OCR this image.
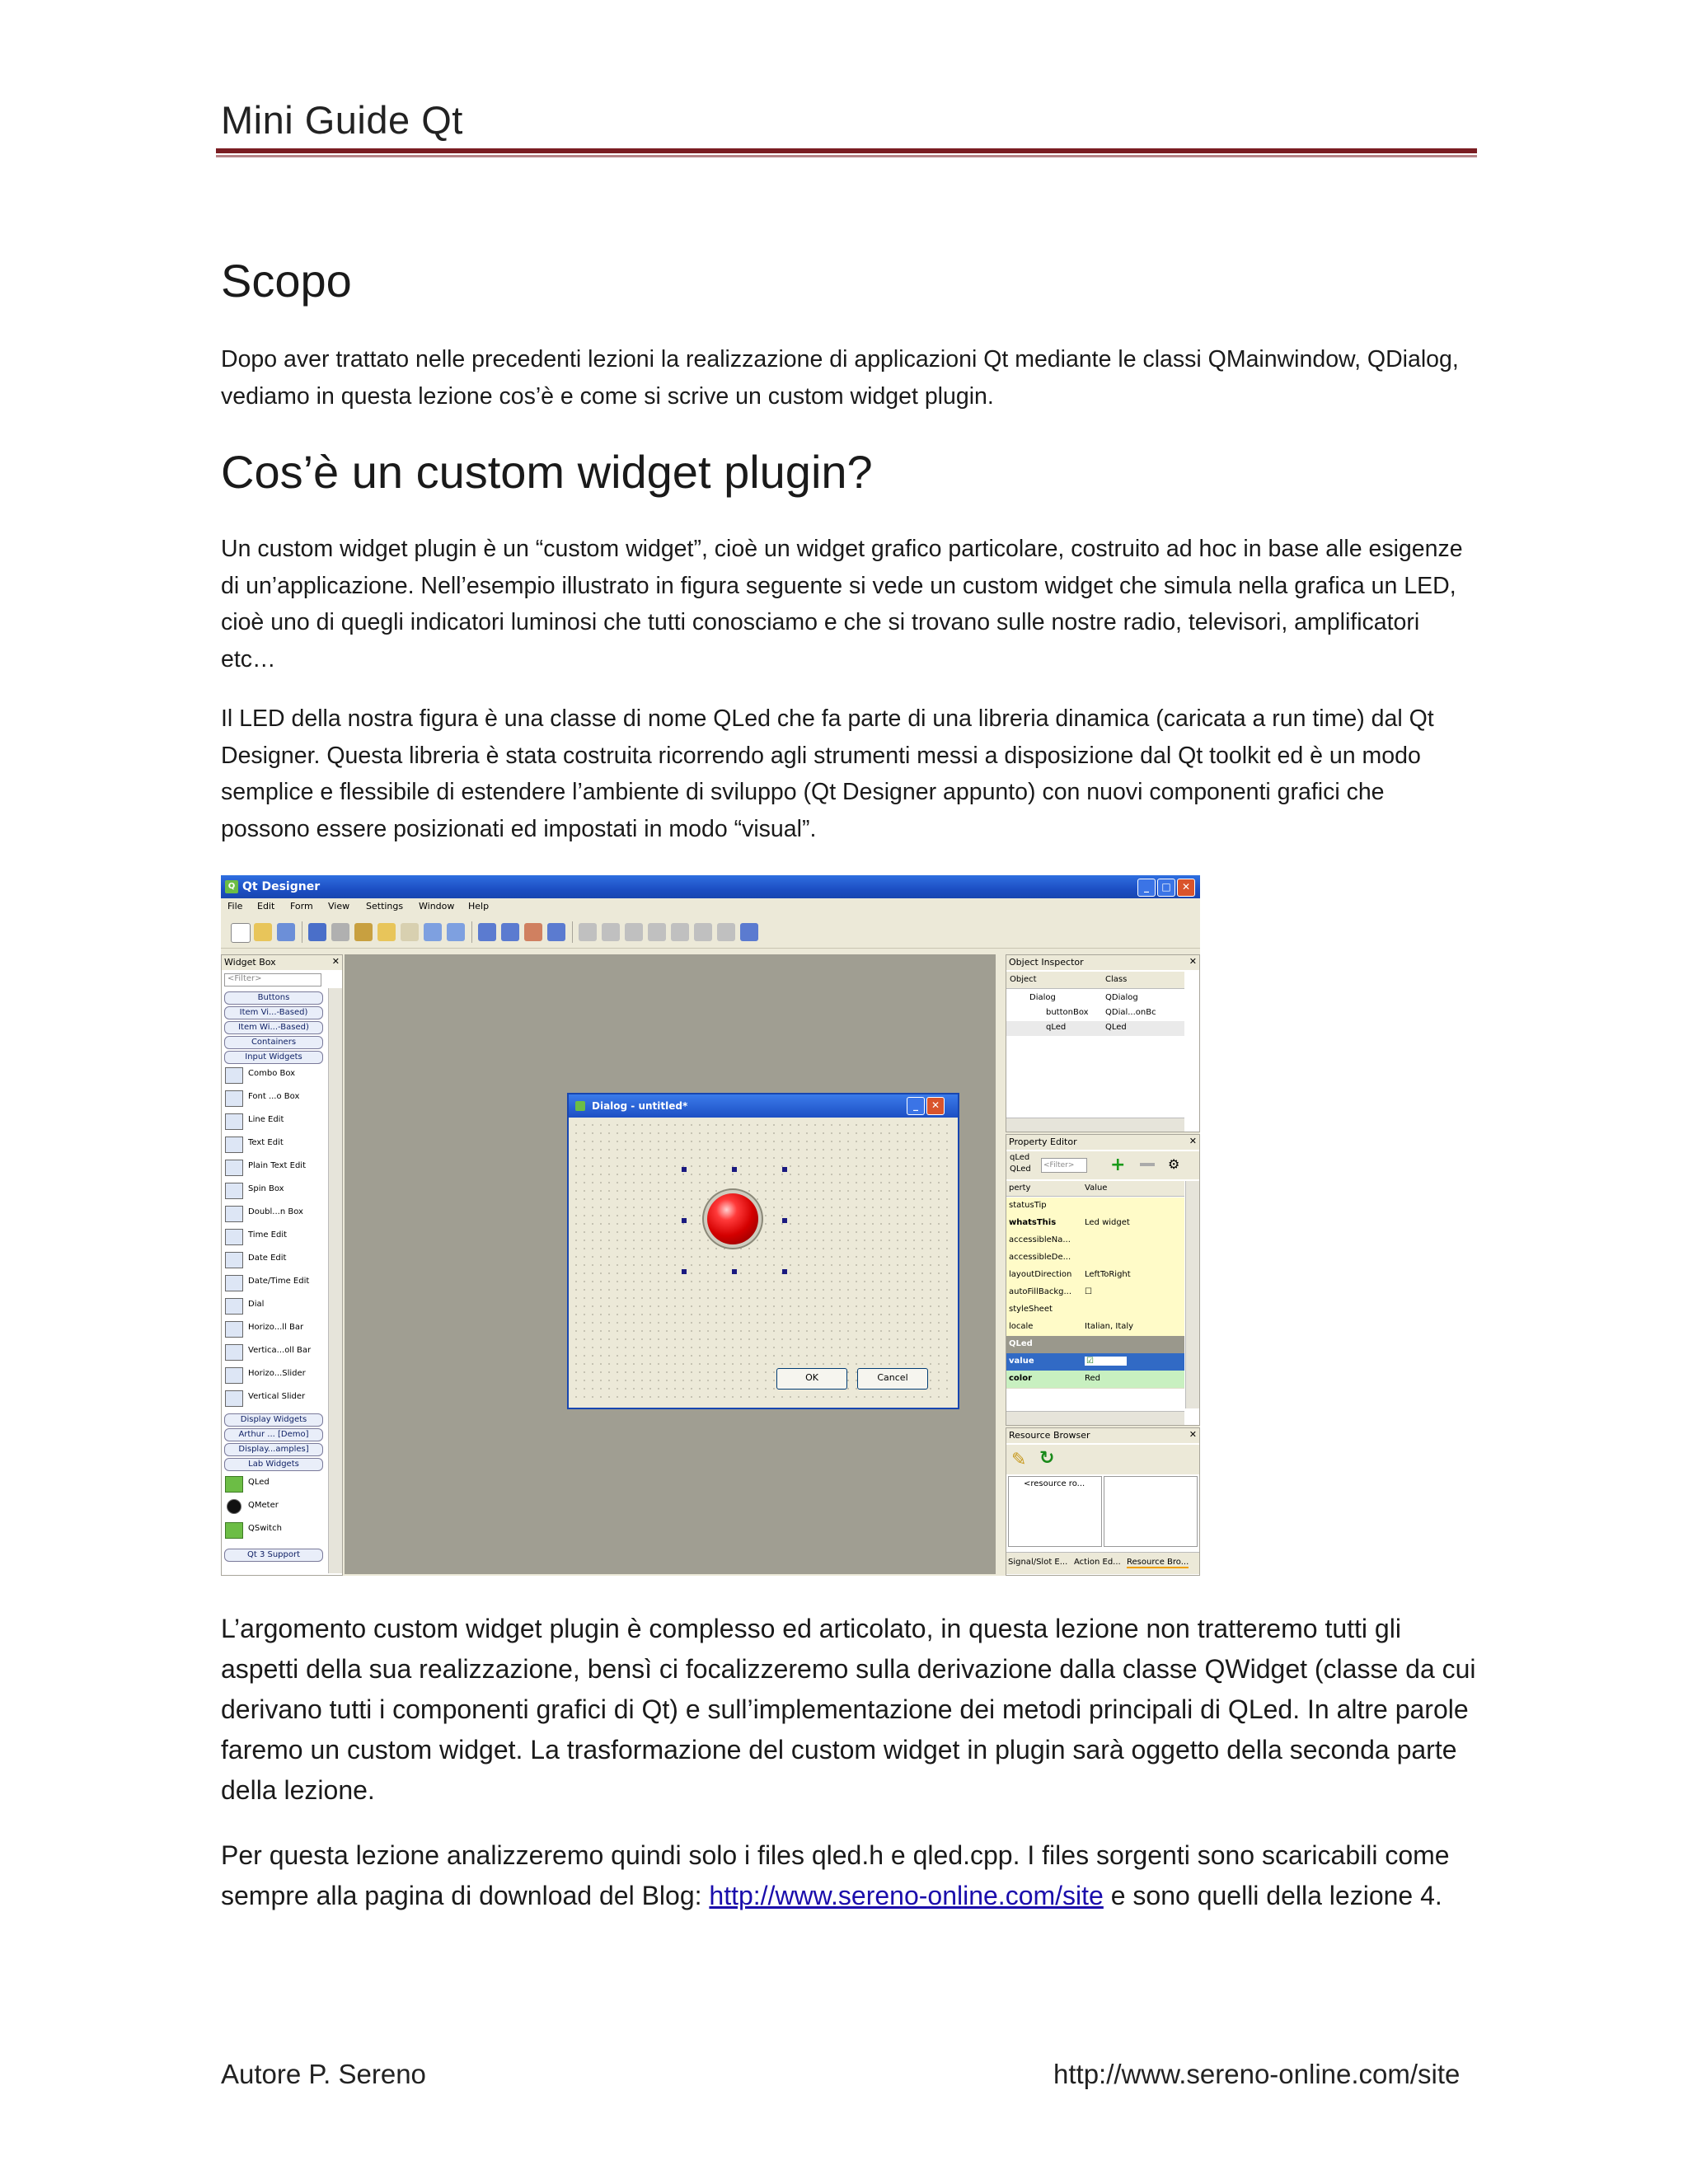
Mini Guide Qt
Scopo

Dopo aver trattato nelle precedenti lezioni la realizzazione di applicazioni Qt mediante le classi QMainwindow, QDialog, vediamo in questa lezione cos’è e come si scrive un custom widget plugin.

Cos’è un custom widget plugin?

Un custom widget plugin è un “custom widget”, cioè un widget grafico particolare, costruito ad hoc in base alle esigenze di un’applicazione. Nell’esempio illustrato in figura seguente si vede un custom widget che simula nella grafica un LED, cioè uno di quegli indicatori luminosi che tutti conosciamo e che si trovano sulle nostre radio, televisori, amplificatori etc…

Il LED della nostra figura è una classe di nome QLed che fa parte di una libreria dinamica (caricata a run time) dal Qt Designer. Questa libreria è stata costruita ricorrendo agli strumenti messi a disposizione dal Qt toolkit ed è un modo semplice e flessibile di estendere l’ambiente di sviluppo (Qt Designer appunto) con nuovi componenti grafici che possono essere posizionati ed impostati in modo “visual”.

Q Qt Designer	_	□	✕
File Edit Form View Settings Window Help
Widget Box	✕
<Filter>
Buttons
Item Vi...-Based)
Item Wi...-Based)
Containers
Input Widgets
Combo Box
Font ...o Box
Line Edit
Text Edit
Plain Text Edit
Spin Box
Doubl...n Box
Time Edit
Date Edit
Date/Time Edit
Dial
Horizo...ll Bar
Vertica...oll Bar
Horizo...Slider
Vertical Slider
Display Widgets
Arthur ... [Demo]
Display...amples]
Lab Widgets
QLed
QMeter
QSwitch
Qt 3 Support
Dialog - untitled*	_	✕
OK	Cancel
Object Inspector	✕
Object	Class
Dialog	QDialog
buttonBox QDial...onBc
qLed	QLed
Property Editor	✕
qLed
QLed	<Filter>	+	⚙
perty	Value
statusTip
whatsThis	Led widget
accessibleNa...
accessibleDe...
layoutDirection	LeftToRight
autoFillBackg...	☐
styleSheet
locale	Italian, Italy
QLed
value	☑
color	Red
Resource Browser	✕
✎ ↻
<resource ro...
Signal/Slot E... Action Ed... Resource Bro...

L’argomento custom widget plugin è complesso ed articolato, in questa lezione non tratteremo tutti gli aspetti della sua realizzazione, bensì ci focalizzeremo sulla derivazione dalla classe QWidget (classe da cui derivano tutti i componenti grafici di Qt) e sull’implementazione dei metodi principali di QLed. In altre parole faremo un custom widget. La trasformazione del custom widget in plugin sarà oggetto della seconda parte della lezione.

Per questa lezione analizzeremo quindi solo i files qled.h e qled.cpp. I files sorgenti sono scaricabili come sempre alla pagina di download del Blog: http://www.sereno-online.com/site e sono quelli della lezione 4.

Autore P. Sereno	http://www.sereno-online.com/site
